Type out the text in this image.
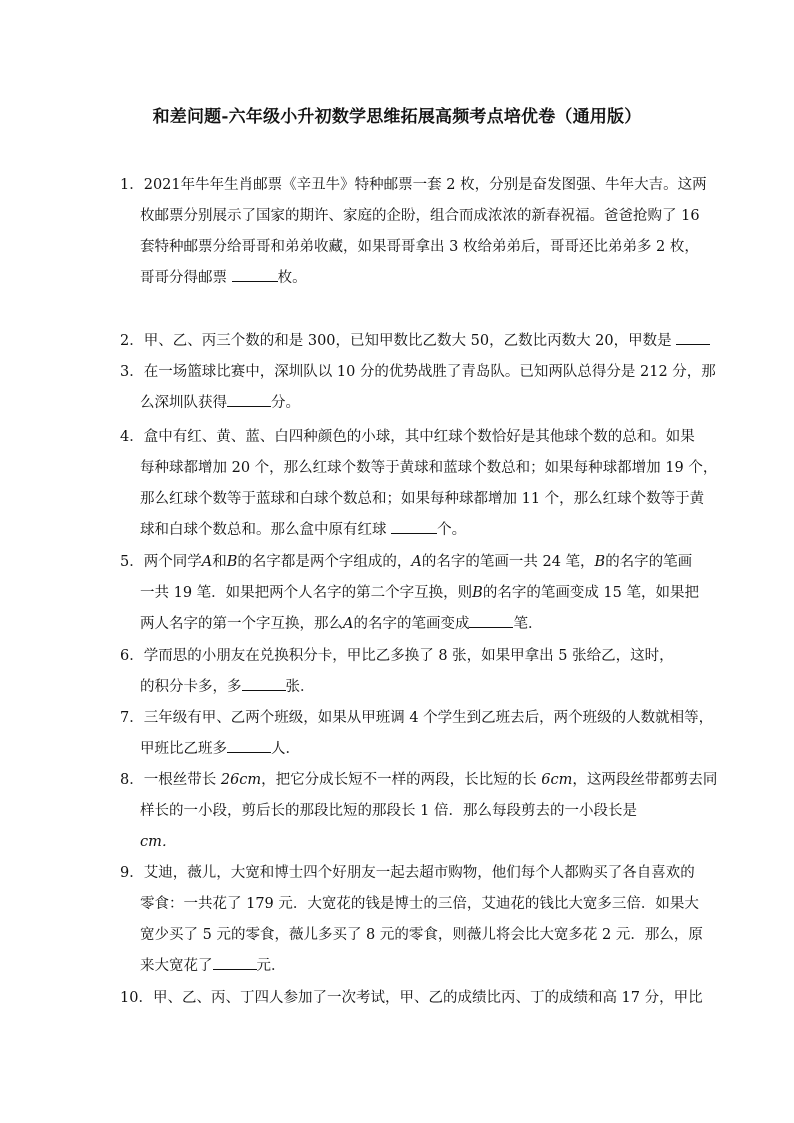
和差问题-六年级小升初数学思维拓展高频考点培优卷（通用版）
1．2021年牛年生肖邮票《辛丑牛》特种邮票一套 2 枚，分别是奋发图强、牛年大吉。这两
枚邮票分别展示了国家的期许、家庭的企盼，组合而成浓浓的新春祝福。爸爸抢购了 16
套特种邮票分给哥哥和弟弟收藏，如果哥哥拿出 3 枚给弟弟后，哥哥还比弟弟多 2 枚，
哥哥分得邮票	枚。
2．甲、乙、丙三个数的和是 300，已知甲数比乙数大 50，乙数比丙数大 20，甲数是
3．在一场篮球比赛中，深圳队以 10 分的优势战胜了青岛队。已知两队总得分是 212 分，那
么深圳队获得	分。
4．盒中有红、黄、蓝、白四种颜色的小球，其中红球个数恰好是其他球个数的总和。如果
每种球都增加 20 个，那么红球个数等于黄球和蓝球个数总和；如果每种球都增加 19 个，
那么红球个数等于蓝球和白球个数总和；如果每种球都增加 11 个，那么红球个数等于黄
球和白球个数总和。那么盒中原有红球	个。
5．两个同学A和B的名字都是两个字组成的，A的名字的笔画一共 24 笔，B的名字的笔画
一共 19 笔．如果把两个人名字的第二个字互换，则B的名字的笔画变成 15 笔，如果把
两人名字的第一个字互换，那么A的名字的笔画变成	笔．
6．学而思的小朋友在兑换积分卡，甲比乙多换了 8 张，如果甲拿出 5 张给乙，这时，
的积分卡多，多	张．
7．三年级有甲、乙两个班级，如果从甲班调 4 个学生到乙班去后，两个班级的人数就相等，
甲班比乙班多	人．
8．一根丝带长 26cm，把它分成长短不一样的两段，长比短的长 6cm，这两段丝带都剪去同
样长的一小段，剪后长的那段比短的那段长 1 倍．那么每段剪去的一小段长是
cm．
9．艾迪，薇儿，大宽和博士四个好朋友一起去超市购物，他们每个人都购买了各自喜欢的
零食：一共花了 179 元．大宽花的钱是博士的三倍，艾迪花的钱比大宽多三倍．如果大
宽少买了 5 元的零食，薇儿多买了 8 元的零食，则薇儿将会比大宽多花 2 元．那么，原
来大宽花了	元．
10．甲、乙、丙、丁四人参加了一次考试，甲、乙的成绩比丙、丁的成绩和高 17 分，甲比
